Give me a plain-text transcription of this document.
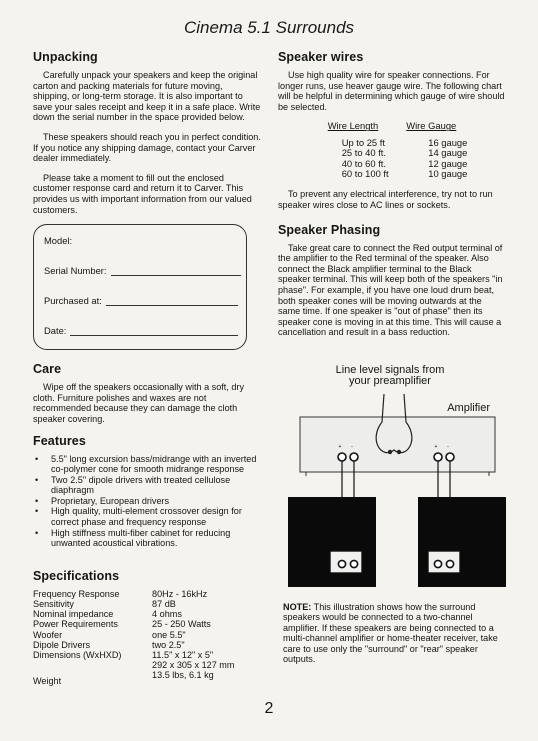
Cinema 5.1 Surrounds
Unpacking

Carefully unpack your speakers and keep the original carton and packing materials for future moving, shipping, or long-term storage. It is also important to save your sales receipt and keep it in a safe place. Write down the serial number in the space provided below.

These speakers should reach you in perfect condition. If you notice any shipping damage, contact your Carver dealer immediately.

Please take a moment to fill out the enclosed customer response card and return it to Carver. This provides us with important information from our valued customers.

Model:
Serial Number:
Purchased at:
Date:
Care

Wipe off the speakers occasionally with a soft, dry cloth. Furniture polishes and waxes are not recommended because they can damage the cloth speaker covering.

Features
• 5.5" long excursion bass/midrange with an inverted co-polymer cone for smooth midrange response
• Two 2.5" dipole drivers with treated cellulose diaphragm
• Proprietary, European drivers
• High quality, multi-element crossover design for correct phase and frequency response
• High stiffness multi-fiber cabinet for reducing unwanted acoustical vibrations.
Specifications
Frequency Response	80Hz - 16kHz
Sensitivity	87 dB
Nominal impedance	4 ohms
Power Requirements	25 - 250 Watts
Woofer	one 5.5"
Dipole Drivers	two 2.5"
Dimensions (WxHXD)	11.5" x 12" x 5"
	292 x 305 x 127 mm
Weight	13.5 lbs, 6.1 kg
Speaker wires

Use high quality wire for speaker connections. For longer runs, use heaver gauge wire. The following chart will be helpful in determining which gauge of wire should be selected.

Wire Length	Wire Gauge
Up to 25 ft	16 gauge
25 to 40 ft.	14 gauge
40 to 60 ft.	12 gauge
60 to 100 ft	10 gauge

To prevent any electrical interference, try not to run speaker wires close to AC lines or sockets.

Speaker Phasing

Take great care to connect the Red output terminal of the amplifier to the Red terminal of the speaker. Also connect the Black amplifier terminal to the Black speaker terminal. This will keep both of the speakers "in phase". For example, if you have one loud drum beat, both speaker cones will be moving outwards at the same time. If one speaker is "out of phase" then its speaker cone is moving in at this time. This will cause a cancellation and result in a bass reduction.

Line level signals from
your preamplifier
Amplifier
+ -	+ -
NOTE: This illustration shows how the surround speakers would be connected to a two-channel amplifier. If these speakers are being connected to a multi-channel amplifier or home-theater receiver, take care to use only the "surround" or "rear" speaker outputs.
2
